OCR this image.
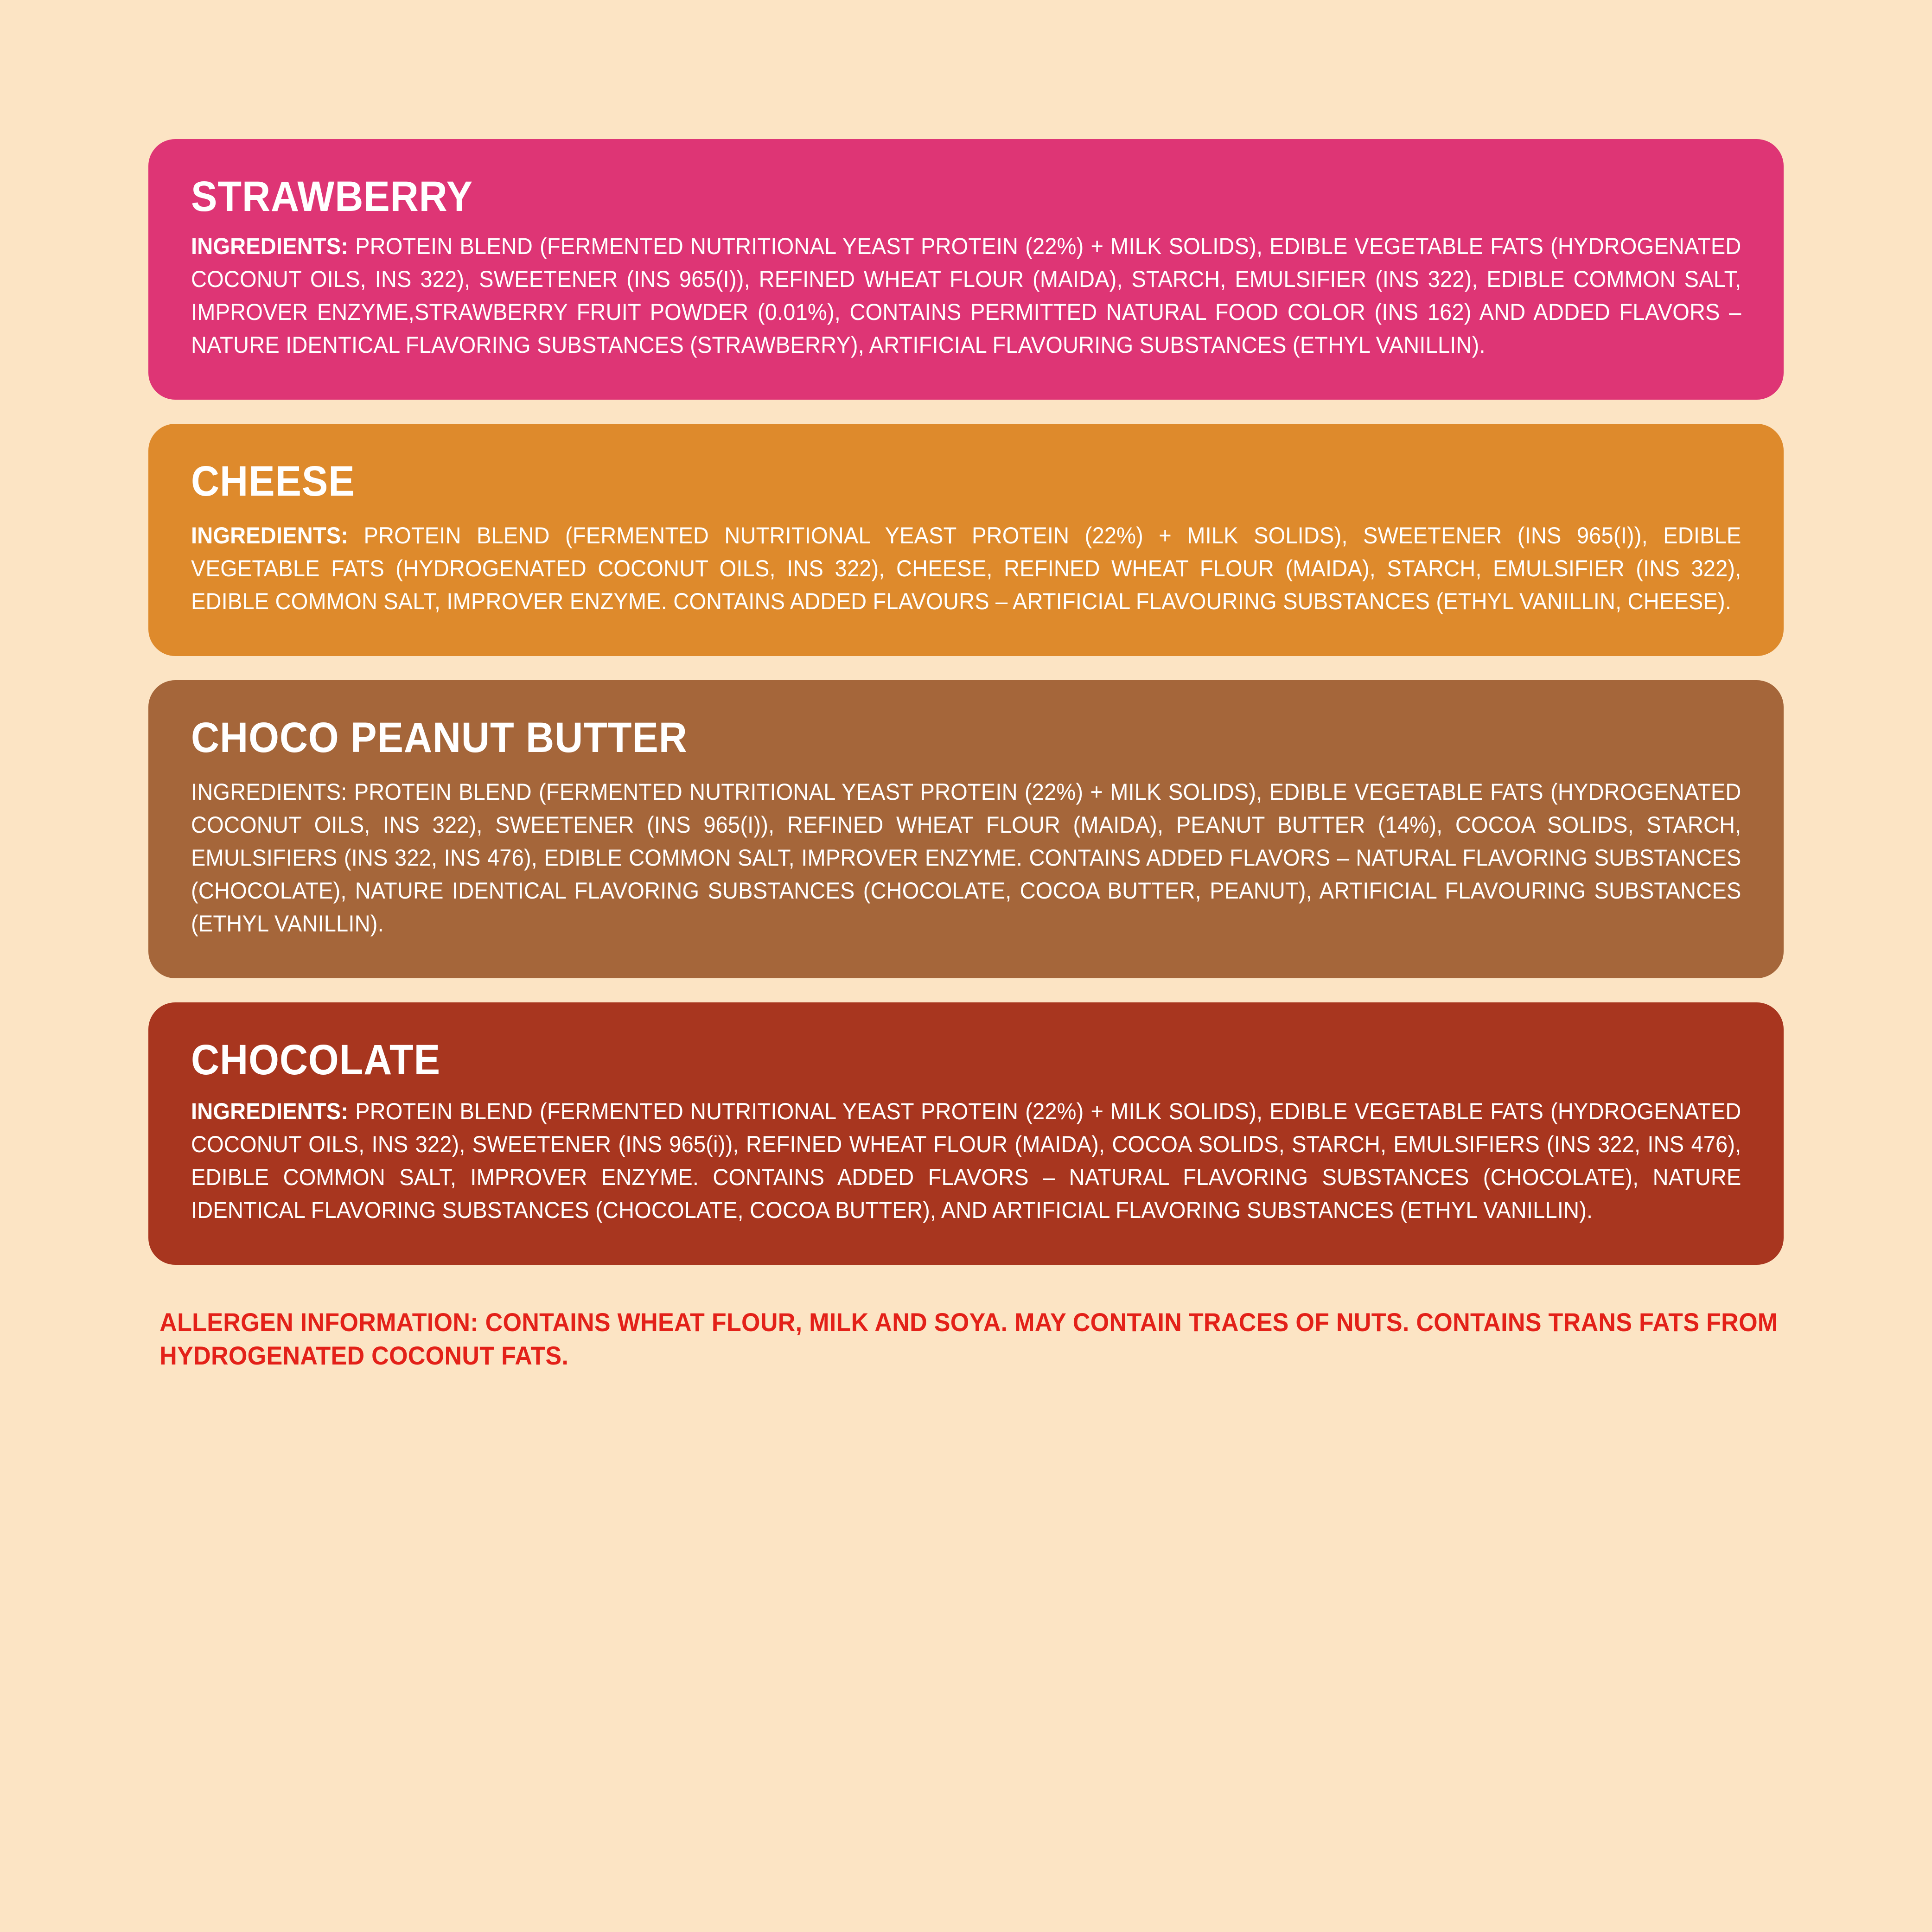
STRAWBERRY

INGREDIENTS: PROTEIN BLEND (FERMENTED NUTRITIONAL YEAST PROTEIN (22%) + MILK SOLIDS), EDIBLE VEGETABLE FATS (HYDROGENATED COCONUT OILS, INS 322), SWEETENER (INS 965(I)), REFINED WHEAT FLOUR (MAIDA), STARCH, EMULSIFIER (INS 322), EDIBLE COMMON SALT, IMPROVER ENZYME,STRAWBERRY FRUIT POWDER (0.01%), CONTAINS PERMITTED NATURAL FOOD COLOR (INS 162) AND ADDED FLAVORS – NATURE IDENTICAL FLAVORING SUBSTANCES (STRAWBERRY), ARTIFICIAL FLAVOURING SUBSTANCES (ETHYL VANILLIN).

CHEESE

INGREDIENTS: PROTEIN BLEND (FERMENTED NUTRITIONAL YEAST PROTEIN (22%) + MILK SOLIDS), SWEETENER (INS 965(I)), EDIBLE VEGETABLE FATS (HYDROGENATED COCONUT OILS, INS 322), CHEESE, REFINED WHEAT FLOUR (MAIDA), STARCH, EMULSIFIER (INS 322), EDIBLE COMMON SALT, IMPROVER ENZYME. CONTAINS ADDED FLAVOURS – ARTIFICIAL FLAVOURING SUBSTANCES (ETHYL VANILLIN, CHEESE).

CHOCO PEANUT BUTTER

INGREDIENTS: PROTEIN BLEND (FERMENTED NUTRITIONAL YEAST PROTEIN (22%) + MILK SOLIDS), EDIBLE VEGETABLE FATS (HYDROGENATED COCONUT OILS, INS 322), SWEETENER (INS 965(I)), REFINED WHEAT FLOUR (MAIDA), PEANUT BUTTER (14%), COCOA SOLIDS, STARCH, EMULSIFIERS (INS 322, INS 476), EDIBLE COMMON SALT, IMPROVER ENZYME. CONTAINS ADDED FLAVORS – NATURAL FLAVORING SUBSTANCES (CHOCOLATE), NATURE IDENTICAL FLAVORING SUBSTANCES (CHOCOLATE, COCOA BUTTER, PEANUT), ARTIFICIAL FLAVOURING SUBSTANCES (ETHYL VANILLIN).

CHOCOLATE

INGREDIENTS: PROTEIN BLEND (FERMENTED NUTRITIONAL YEAST PROTEIN (22%) + MILK SOLIDS), EDIBLE VEGETABLE FATS (HYDROGENATED COCONUT OILS, INS 322), SWEETENER (INS 965(i)), REFINED WHEAT FLOUR (MAIDA), COCOA SOLIDS, STARCH, EMULSIFIERS (INS 322, INS 476), EDIBLE COMMON SALT, IMPROVER ENZYME. CONTAINS ADDED FLAVORS – NATURAL FLAVORING SUBSTANCES (CHOCOLATE), NATURE IDENTICAL FLAVORING SUBSTANCES (CHOCOLATE, COCOA BUTTER), AND ARTIFICIAL FLAVORING SUBSTANCES (ETHYL VANILLIN).

ALLERGEN INFORMATION: CONTAINS WHEAT FLOUR, MILK AND SOYA. MAY CONTAIN TRACES OF NUTS. CONTAINS TRANS FATS FROM HYDROGENATED COCONUT FATS.
